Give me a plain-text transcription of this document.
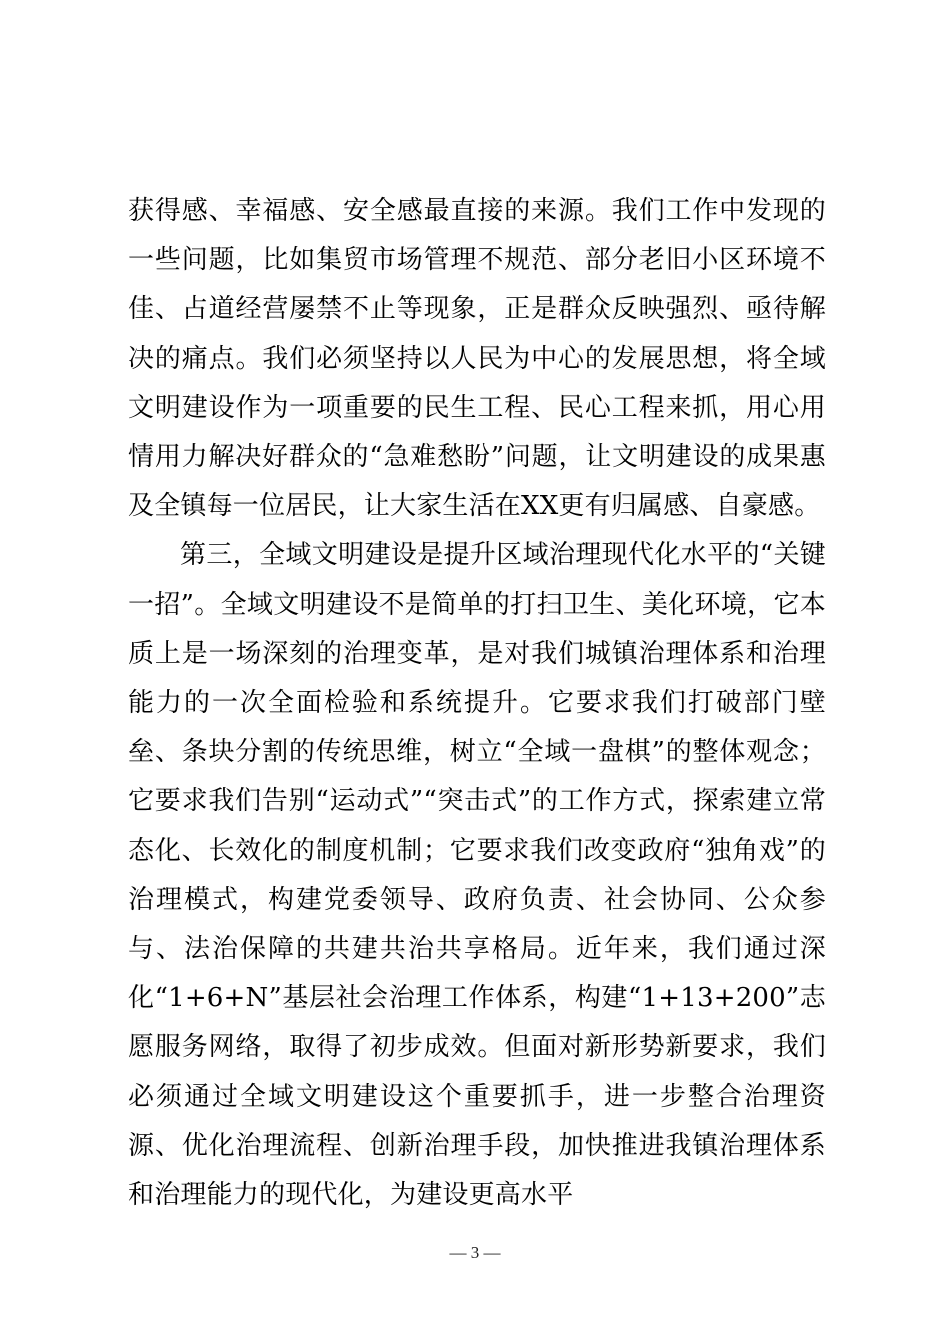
获得感、幸福感、安全感最直接的来源。我们工作中发现的一些问题，比如集贸市场管理不规范、部分老旧小区环境不佳、占道经营屡禁不止等现象，正是群众反映强烈、亟待解决的痛点。我们必须坚持以人民为中心的发展思想，将全域文明建设作为一项重要的民生工程、民心工程来抓，用心用情用力解决好群众的“急难愁盼”问题，让文明建设的成果惠及全镇每一位居民，让大家生活在XX更有归属感、自豪感。

第三，全域文明建设是提升区域治理现代化水平的“关键一招”。全域文明建设不是简单的打扫卫生、美化环境，它本质上是一场深刻的治理变革，是对我们城镇治理体系和治理能力的一次全面检验和系统提升。它要求我们打破部门壁垒、条块分割的传统思维，树立“全域一盘棋”的整体观念；它要求我们告别“运动式”“突击式”的工作方式，探索建立常态化、长效化的制度机制；它要求我们改变政府“独角戏”的治理模式，构建党委领导、政府负责、社会协同、公众参与、法治保障的共建共治共享格局。近年来，我们通过深化“1+6+N”基层社会治理工作体系，构建“1+13+200”志愿服务网络，取得了初步成效。但面对新形势新要求，我们必须通过全域文明建设这个重要抓手，进一步整合治理资源、优化治理流程、创新治理手段，加快推进我镇治理体系和治理能力的现代化，为建设更高水平

— 3 —
